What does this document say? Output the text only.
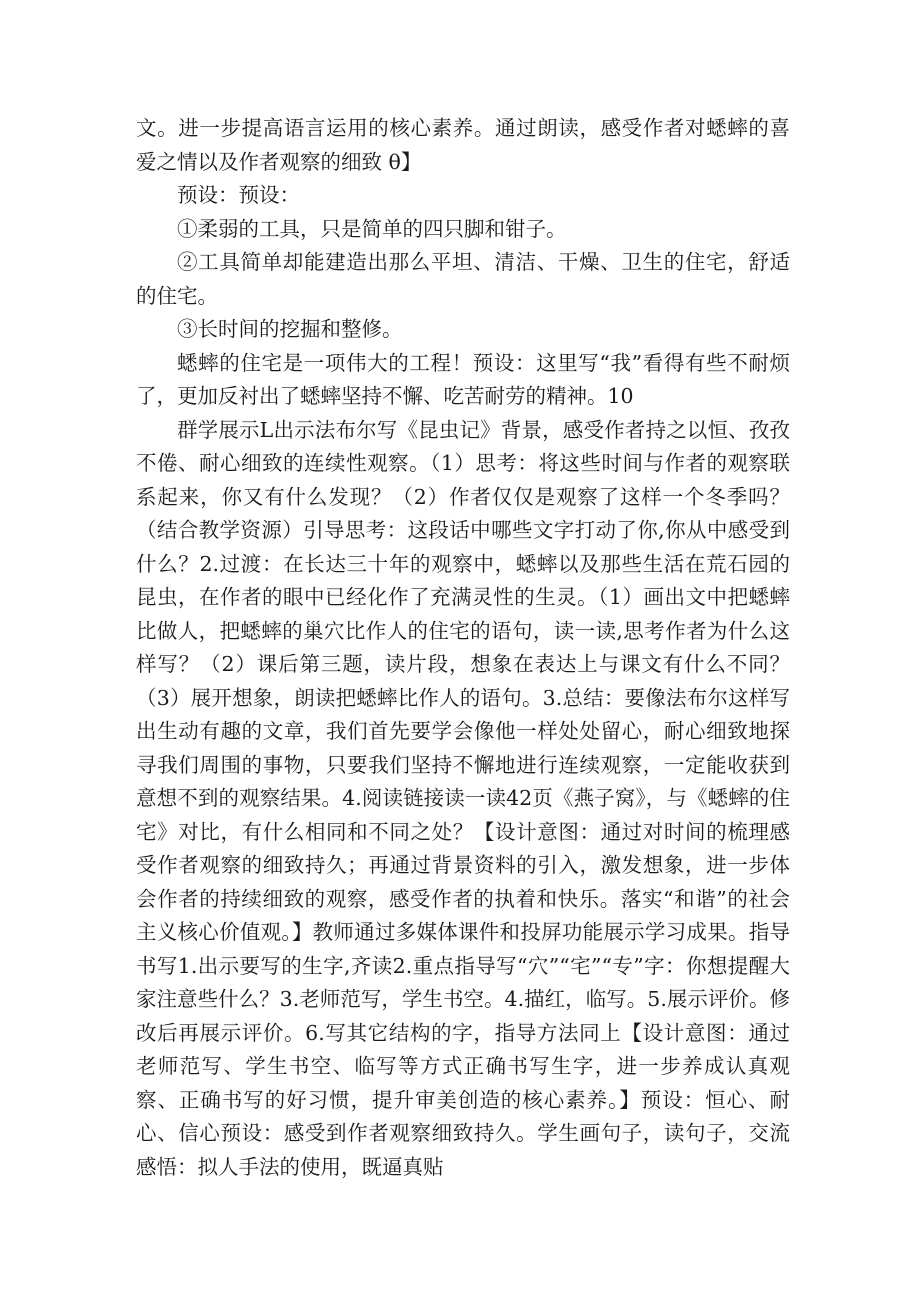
文。进一步提高语言运用的核心素养。通过朗读，感受作者对蟋蟀的喜爱之情以及作者观察的细致 θ】

预设：预设：

①柔弱的工具，只是简单的四只脚和钳子。

②工具简单却能建造出那么平坦、清洁、干燥、卫生的住宅，舒适的住宅。

③长时间的挖掘和整修。

蟋蟀的住宅是一项伟大的工程！预设：这里写“我”看得有些不耐烦了，更加反衬出了蟋蟀坚持不懈、吃苦耐劳的精神。10

群学展示L出示法布尔写《昆虫记》背景，感受作者持之以恒、孜孜不倦、耐心细致的连续性观察。（1）思考：将这些时间与作者的观察联系起来，你又有什么发现？（2）作者仅仅是观察了这样一个冬季吗？（结合教学资源）引导思考：这段话中哪些文字打动了你,你从中感受到什么？2.过渡：在长达三十年的观察中，蟋蟀以及那些生活在荒石园的昆虫，在作者的眼中已经化作了充满灵性的生灵。（1）画出文中把蟋蟀比做人，把蟋蟀的巢穴比作人的住宅的语句，读一读,思考作者为什么这样写？（2）课后第三题，读片段，想象在表达上与课文有什么不同？（3）展开想象，朗读把蟋蟀比作人的语句。3.总结：要像法布尔这样写出生动有趣的文章，我们首先要学会像他一样处处留心，耐心细致地探寻我们周围的事物，只要我们坚持不懈地进行连续观察，一定能收获到意想不到的观察结果。4.阅读链接读一读42页《燕子窝》，与《蟋蟀的住宅》对比，有什么相同和不同之处？【设计意图：通过对时间的梳理感受作者观察的细致持久；再通过背景资料的引入，激发想象，进一步体会作者的持续细致的观察，感受作者的执着和快乐。落实“和谐”的社会主义核心价值观。】教师通过多媒体课件和投屏功能展示学习成果。指导书写1.出示要写的生字,齐读2.重点指导写“穴”“宅”“专”字：你想提醒大家注意些什么？3.老师范写，学生书空。4.描红，临写。5.展示评价。修改后再展示评价。6.写其它结构的字，指导方法同上【设计意图：通过老师范写、学生书空、临写等方式正确书写生字，进一步养成认真观察、正确书写的好习惯，提升审美创造的核心素养。】预设：恒心、耐心、信心预设：感受到作者观察细致持久。学生画句子，读句子，交流感悟：拟人手法的使用，既逼真贴
